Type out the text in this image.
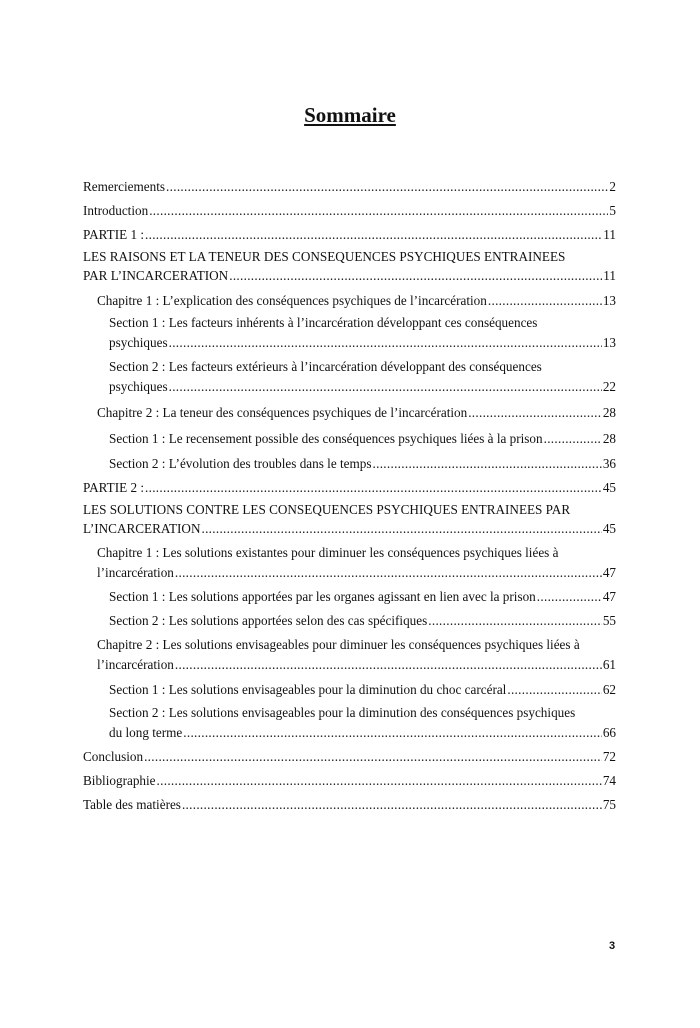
Sommaire
Remerciements .....	2
Introduction .....	5
PARTIE 1 : .....	11
LES RAISONS ET LA TENEUR DES CONSEQUENCES PSYCHIQUES ENTRAINEES
PAR L’INCARCERATION .....	11
Chapitre 1 : L’explication des conséquences psychiques de l’incarcération .....	13
Section 1 : Les facteurs inhérents à l’incarcération développant ces conséquences
psychiques .....	13
Section 2 : Les facteurs extérieurs à l’incarcération développant des conséquences
psychiques .....	22
Chapitre 2 : La teneur des conséquences psychiques de l’incarcération .....	28
Section 1 : Le recensement possible des conséquences psychiques liées à la prison .....	28
Section 2 : L’évolution des troubles dans le temps .....	36
PARTIE 2 : .....	45
LES SOLUTIONS CONTRE LES CONSEQUENCES PSYCHIQUES ENTRAINEES PAR
L’INCARCERATION .....	45
Chapitre 1 : Les solutions existantes pour diminuer les conséquences psychiques liées à
l’incarcération .....	47
Section 1 : Les solutions apportées par les organes agissant en lien avec la prison .....	47
Section 2 : Les solutions apportées selon des cas spécifiques .....	55
Chapitre 2 : Les solutions envisageables pour diminuer les conséquences psychiques liées à
l’incarcération .....	61
Section 1 : Les solutions envisageables pour la diminution du choc carcéral .....	62
Section 2 : Les solutions envisageables pour la diminution des conséquences psychiques
du long terme .....	66
Conclusion .....	72
Bibliographie .....	74
Table des matières .....	75
3
